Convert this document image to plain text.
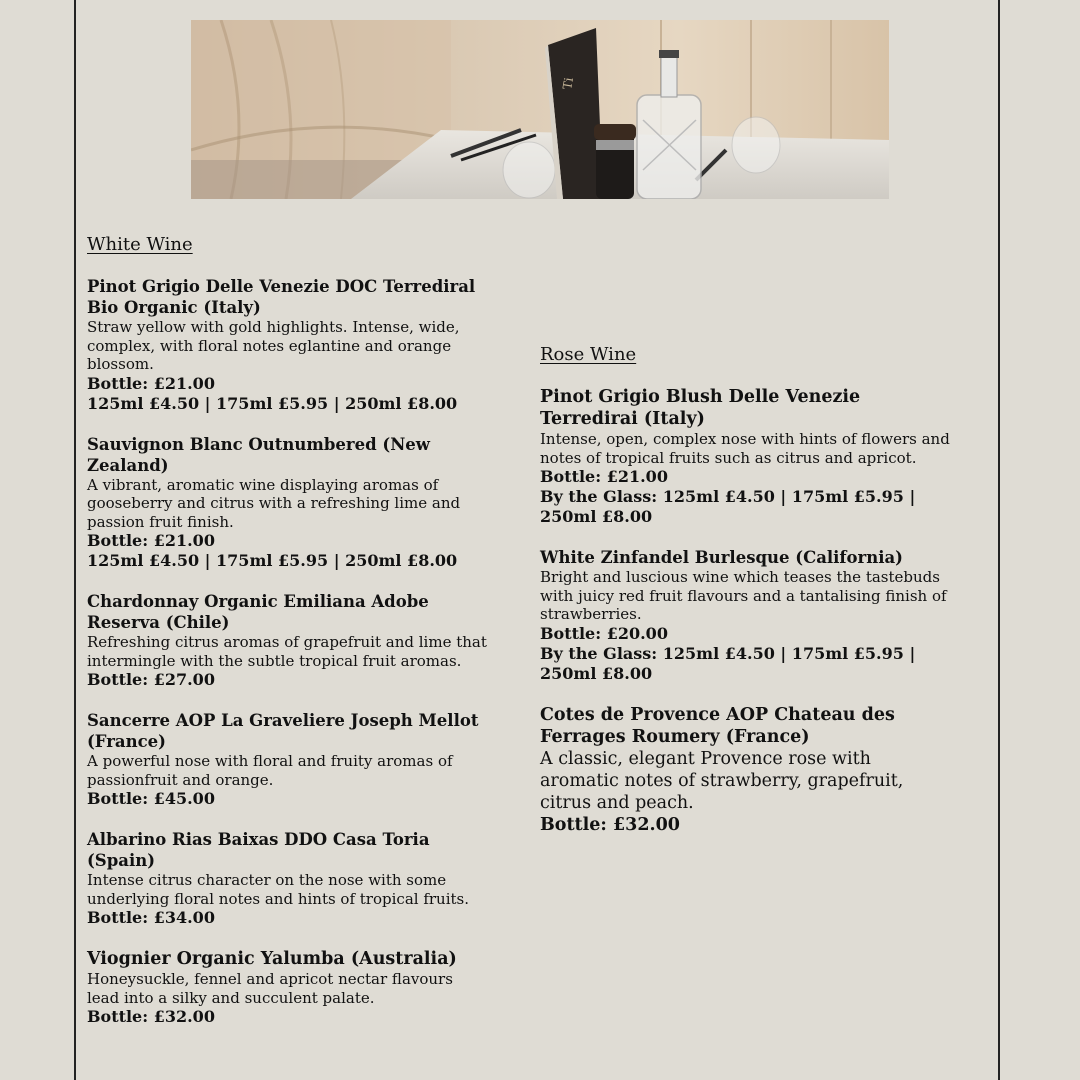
Ti
White Wine
Pinot Grigio Delle Venezie DOC Terrediral Bio Organic (Italy)
Straw yellow with gold highlights. Intense, wide, complex, with floral notes eglantine and orange blossom.
Bottle: £21.00
125ml £4.50 | 175ml £5.95 | 250ml £8.00
Sauvignon Blanc Outnumbered (New Zealand)
A vibrant, aromatic wine displaying aromas of gooseberry and citrus with a refreshing lime and passion fruit finish.
Bottle: £21.00
125ml £4.50 | 175ml £5.95 | 250ml £8.00
Chardonnay Organic Emiliana Adobe Reserva (Chile)
Refreshing citrus aromas of grapefruit and lime that intermingle with the subtle tropical fruit aromas.
Bottle: £27.00
Sancerre AOP La Graveliere Joseph Mellot (France)
A powerful nose with floral and fruity aromas of passionfruit and orange.
Bottle: £45.00
Albarino Rias Baixas DDO Casa Toria (Spain)
Intense citrus character on the nose with some underlying floral notes and hints of tropical fruits.
Bottle: £34.00
Viognier Organic Yalumba (Australia)
Honeysuckle, fennel and apricot nectar flavours lead into a silky and succulent palate.
Bottle: £32.00
Rose Wine
Pinot Grigio Blush Delle Venezie Terredirai (Italy)
Intense, open, complex nose with hints of flowers and notes of tropical fruits such as citrus and apricot.
Bottle: £21.00
By the Glass: 125ml £4.50 | 175ml £5.95 | 250ml £8.00
White Zinfandel Burlesque (California)
Bright and luscious wine which teases the tastebuds with juicy red fruit flavours and a tantalising finish of strawberries.
Bottle: £20.00
By the Glass: 125ml £4.50 | 175ml £5.95 | 250ml £8.00
Cotes de Provence AOP Chateau des Ferrages Roumery (France)
A classic, elegant Provence rose with aromatic notes of strawberry, grapefruit, citrus and peach.
Bottle: £32.00
